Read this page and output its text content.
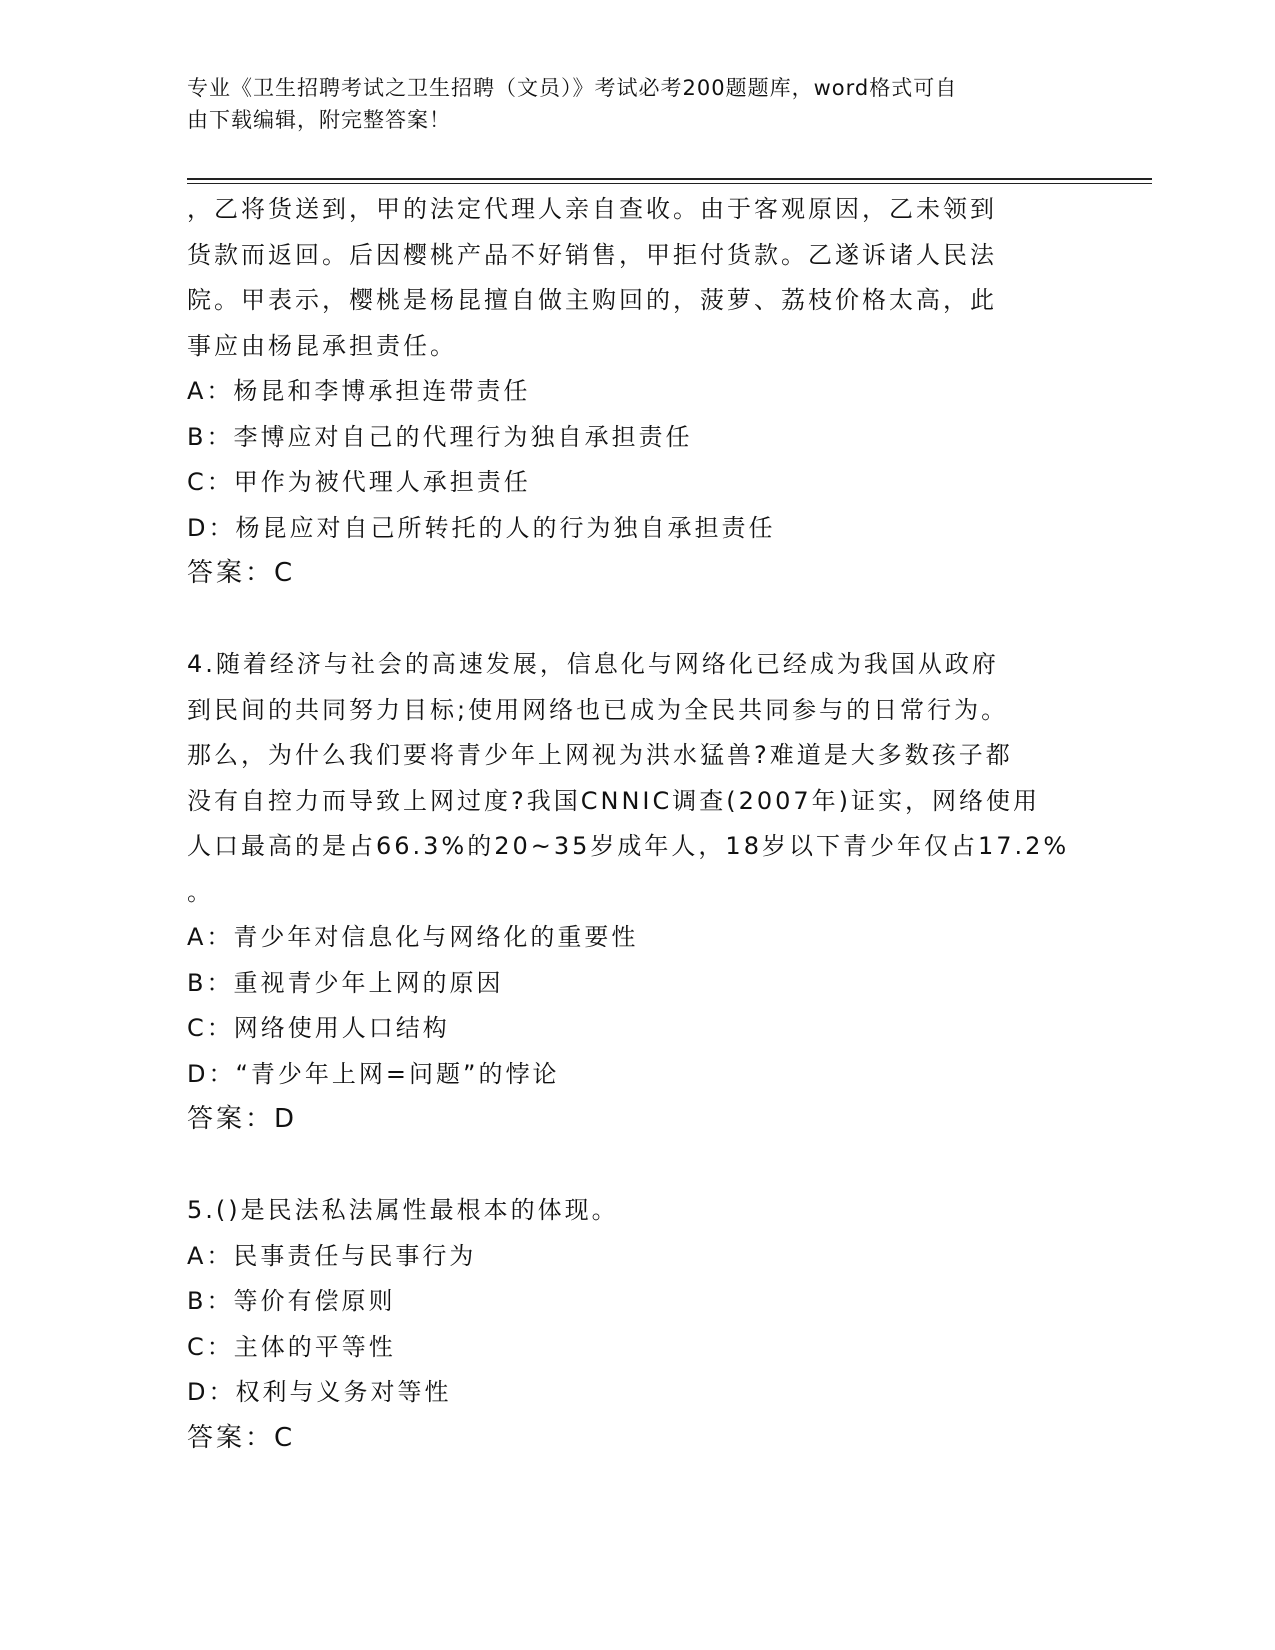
专业《卫生招聘考试之卫生招聘（文员）》考试必考200题题库，word格式可自
由下载编辑，附完整答案！
，乙将货送到，甲的法定代理人亲自查收。由于客观原因，乙未领到
货款而返回。后因樱桃产品不好销售，甲拒付货款。乙遂诉诸人民法
院。甲表示，樱桃是杨昆擅自做主购回的，菠萝、荔枝价格太高，此
事应由杨昆承担责任。
A：杨昆和李博承担连带责任
B：李博应对自己的代理行为独自承担责任
C：甲作为被代理人承担责任
D：杨昆应对自己所转托的人的行为独自承担责任
答案：C
4.随着经济与社会的高速发展，信息化与网络化已经成为我国从政府
到民间的共同努力目标;使用网络也已成为全民共同参与的日常行为。
那么，为什么我们要将青少年上网视为洪水猛兽?难道是大多数孩子都
没有自控力而导致上网过度?我国CNNIC调查(2007年)证实，网络使用
人口最高的是占66.3%的20~35岁成年人，18岁以下青少年仅占17.2%
。
A：青少年对信息化与网络化的重要性
B：重视青少年上网的原因
C：网络使用人口结构
D：“青少年上网=问题”的悖论
答案：D
5.()是民法私法属性最根本的体现。
A：民事责任与民事行为
B：等价有偿原则
C：主体的平等性
D：权利与义务对等性
答案：C
